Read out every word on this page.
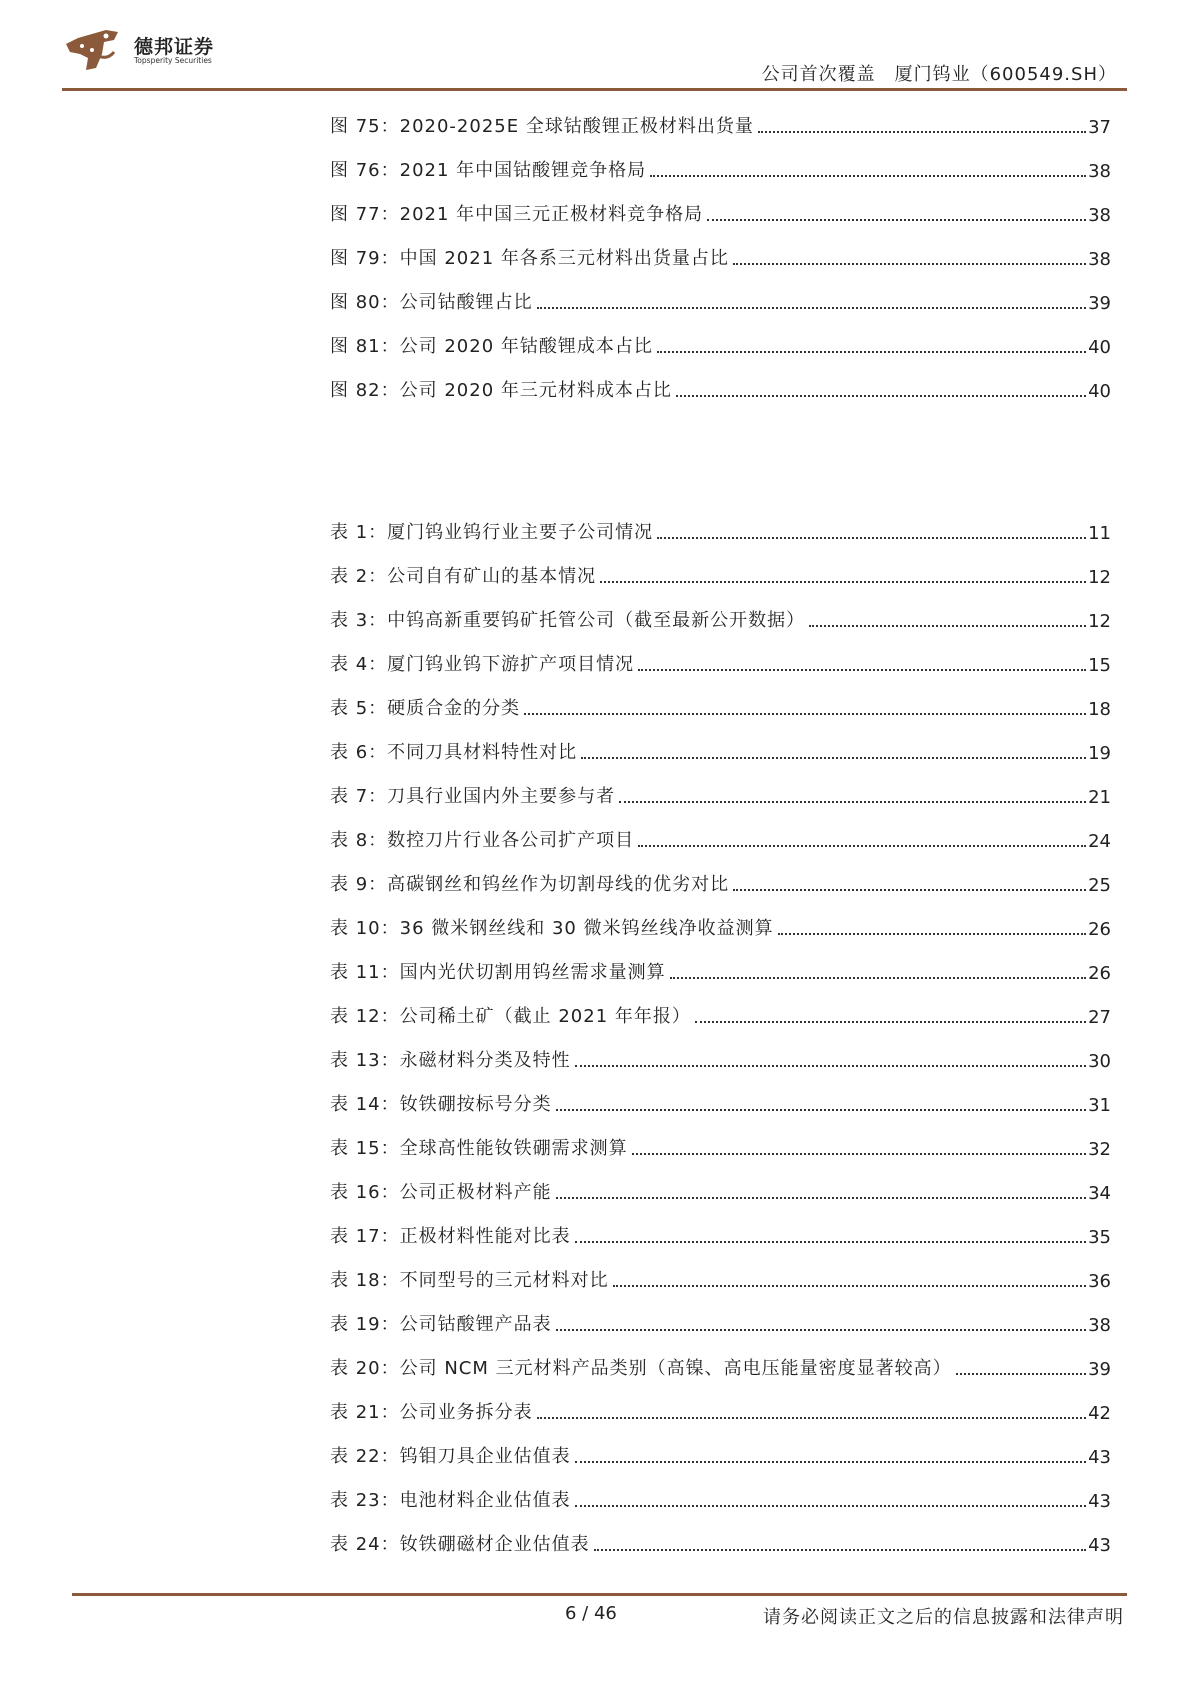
德邦证券
Topsperity Securities
公司首次覆盖　厦门钨业（600549.SH）
图 75：2020-2025E 全球钴酸锂正极材料出货量	37
图 76：2021 年中国钴酸锂竞争格局	38
图 77：2021 年中国三元正极材料竞争格局	38
图 79：中国 2021 年各系三元材料出货量占比	38
图 80：公司钴酸锂占比	39
图 81：公司 2020 年钴酸锂成本占比	40
图 82：公司 2020 年三元材料成本占比	40
表 1：厦门钨业钨行业主要子公司情况	11
表 2：公司自有矿山的基本情况	12
表 3：中钨高新重要钨矿托管公司（截至最新公开数据）	12
表 4：厦门钨业钨下游扩产项目情况	15
表 5：硬质合金的分类	18
表 6：不同刀具材料特性对比	19
表 7：刀具行业国内外主要参与者	21
表 8：数控刀片行业各公司扩产项目	24
表 9：高碳钢丝和钨丝作为切割母线的优劣对比	25
表 10：36 微米钢丝线和 30 微米钨丝线净收益测算	26
表 11：国内光伏切割用钨丝需求量测算	26
表 12：公司稀土矿（截止 2021 年年报）	27
表 13：永磁材料分类及特性	30
表 14：钕铁硼按标号分类	31
表 15：全球高性能钕铁硼需求测算	32
表 16：公司正极材料产能	34
表 17：正极材料性能对比表	35
表 18：不同型号的三元材料对比	36
表 19：公司钴酸锂产品表	38
表 20：公司 NCM 三元材料产品类别（高镍、高电压能量密度显著较高）	39
表 21：公司业务拆分表	42
表 22：钨钼刀具企业估值表	43
表 23：电池材料企业估值表	43
表 24：钕铁硼磁材企业估值表	43
6 / 46	请务必阅读正文之后的信息披露和法律声明
